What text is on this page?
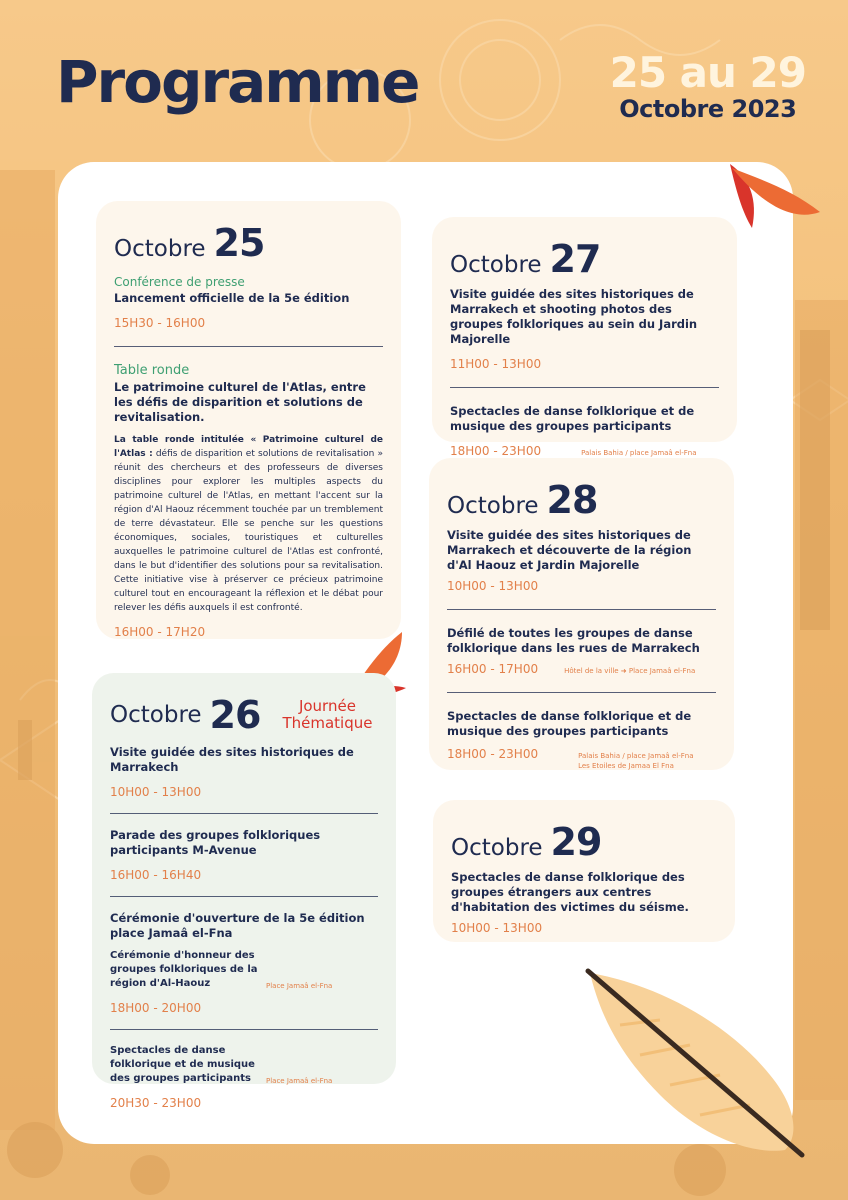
Programme	25 au 29
Octobre 2023
Octobre 25
Conférence de presse
Lancement officielle de la 5e édition
15H30 - 16H00
Table ronde
Le patrimoine culturel de l'Atlas, entre les défis de disparition et solutions de revitalisation.
La table ronde intitulée « Patrimoine culturel de l'Atlas : défis de disparition et solutions de revitalisation » réunit des chercheurs et des professeurs de diverses disciplines pour explorer les multiples aspects du patrimoine culturel de l'Atlas, en mettant l'accent sur la région d'Al Haouz récemment touchée par un tremblement de terre dévastateur. Elle se penche sur les questions économiques, sociales, touristiques et culturelles auxquelles le patrimoine culturel de l'Atlas est confronté, dans le but d'identifier des solutions pour sa revitalisation. Cette initiative vise à préserver ce précieux patrimoine culturel tout en encourageant la réflexion et le débat pour relever les défis auxquels il est confronté.
16H00 - 17H20
Octobre 26	Journée
Thématique
Visite guidée des sites historiques de Marrakech
10H00 - 13H00
Parade des groupes folkloriques participants M-Avenue
16H00 - 16H40
Cérémonie d'ouverture de la 5e édition place Jamaâ el-Fna
Cérémonie d'honneur des groupes folkloriques de la région d'Al-Haouz	Place Jamaâ el-Fna
18H00 - 20H00
Spectacles de danse folklorique et de musique des groupes participants	Place Jamaâ el-Fna
20H30 - 23H00
Octobre 27
Visite guidée des sites historiques de Marrakech et shooting photos des groupes folkloriques au sein du Jardin Majorelle
11H00 - 13H00
Spectacles de danse folklorique et de musique des groupes participants
18H00 - 23H00	Palais Bahia / place Jamaâ el-Fna
Octobre 28
Visite guidée des sites historiques de Marrakech et découverte de la région d'Al Haouz et Jardin Majorelle
10H00 - 13H00
Défilé de toutes les groupes de danse folklorique dans les rues de Marrakech
16H00 - 17H00	Hôtel de la ville ➜ Place Jamaâ el-Fna
Spectacles de danse folklorique et de musique des groupes participants
18H00 - 23H00	Palais Bahia / place Jamaâ el-Fna
Les Etoiles de Jamaa El Fna
Octobre 29
Spectacles de danse folklorique des groupes étrangers aux centres d'habitation des victimes du séisme.
10H00 - 13H00
